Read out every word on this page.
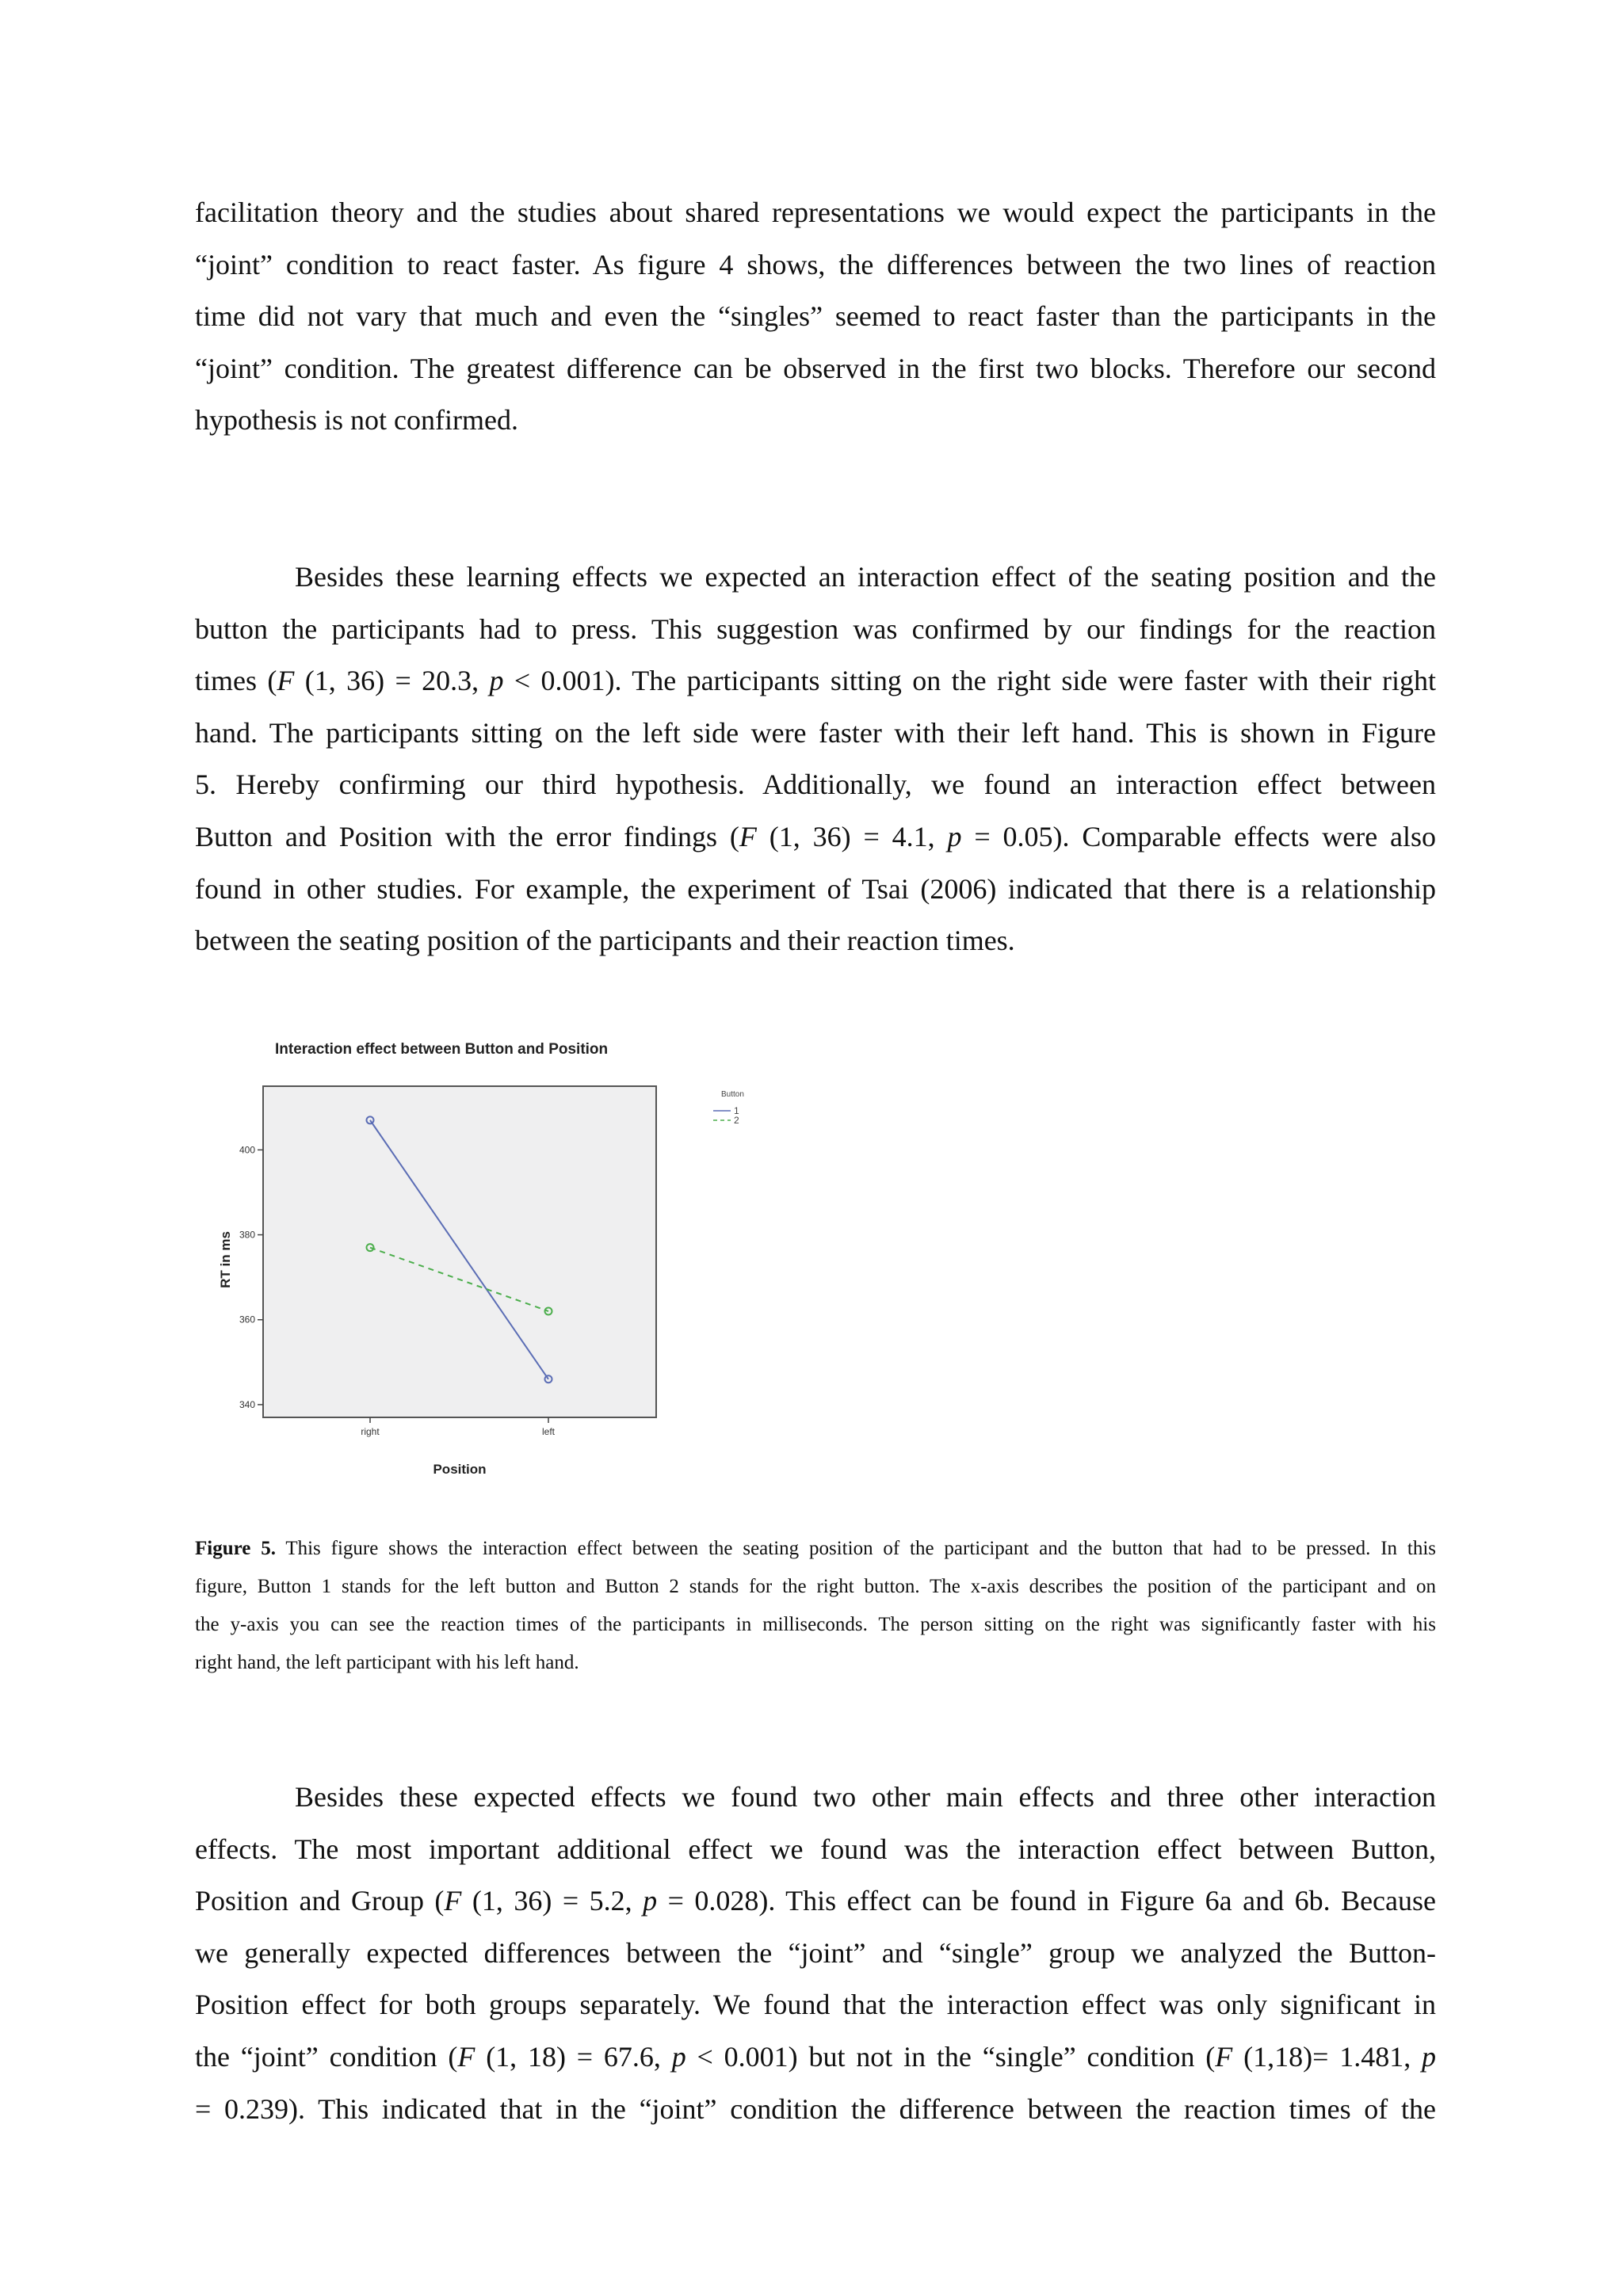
facilitation theory and the studies about shared representations we would expect the participants in the
“joint” condition to react faster. As figure 4 shows, the differences between the two lines of reaction
time did not vary that much and even the “singles” seemed to react faster than the participants in the
“joint” condition. The greatest difference can be observed in the first two blocks. Therefore our second
hypothesis is not confirmed.
Besides these learning effects we expected an interaction effect of the seating position and the
button the participants had to press. This suggestion was confirmed by our findings for the reaction
times (F (1, 36) = 20.3, p < 0.001). The participants sitting on the right side were faster with their right
hand. The participants sitting on the left side were faster with their left hand. This is shown in Figure
5. Hereby confirming our third hypothesis. Additionally, we found an interaction effect between
Button and Position with the error findings (F (1, 36) = 4.1, p = 0.05). Comparable effects were also
found in other studies. For example, the experiment of Tsai (2006) indicated that there is a relationship
between the seating position of the participants and their reaction times.
Interaction effect between Button and Position
340
360
380
400
right	left
Position
RT in ms
Button
1
2
Figure 5. This figure shows the interaction effect between the seating position of the participant and the button that had to be pressed. In this
figure, Button 1 stands for the left button and Button 2 stands for the right button. The x-axis describes the position of the participant and on
the y-axis you can see the reaction times of the participants in milliseconds. The person sitting on the right was significantly faster with his
right hand, the left participant with his left hand.
Besides these expected effects we found two other main effects and three other interaction
effects. The most important additional effect we found was the interaction effect between Button,
Position and Group (F (1, 36) = 5.2, p = 0.028). This effect can be found in Figure 6a and 6b. Because
we generally expected differences between the “joint” and “single” group we analyzed the Button-
Position effect for both groups separately. We found that the interaction effect was only significant in
the “joint” condition (F (1, 18) = 67.6, p < 0.001) but not in the “single” condition (F (1,18)= 1.481, p
= 0.239). This indicated that in the “joint” condition the difference between the reaction times of the
